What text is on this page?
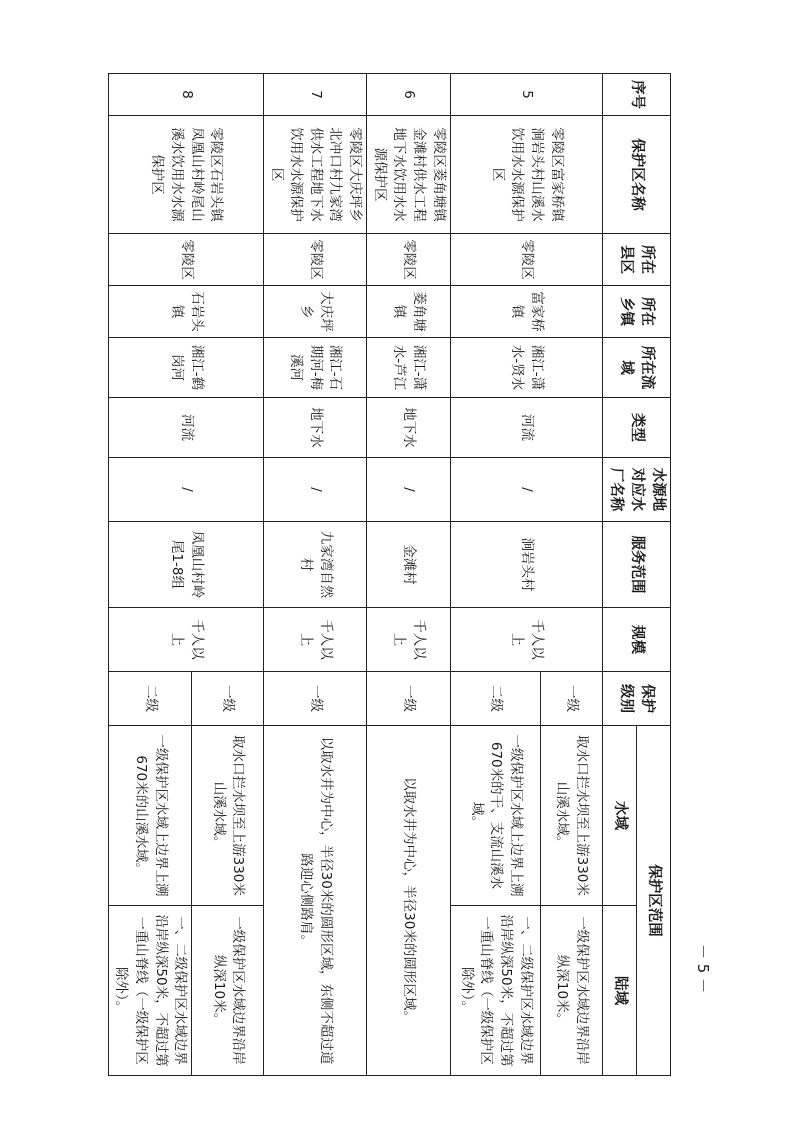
序号	保护区名称	所在县区	所在乡镇	所在流域	类型	水源地对应水厂名称	服务范围	规模	保护级别	保护区范围	
										水域	陆域
5	零陵区富家桥镇涧岩头村山溪水饮用水水源保护区	零陵区	富家桥镇	湘江-潇水-贤水	河流	/	涧岩头村	千人以上	一级	取水口拦水坝至上游330米山溪水域。	一级保护区水域边界沿岸纵深10米。
									二级	一级保护区水域上边界上溯670米的干、支流山溪水域。	一、二级保护区水域边界沿岸纵深50米，不超过第一重山脊线（一级保护区除外）。
6	零陵区菱角塘镇金滩村供水工程地下水饮用水水源保护区	零陵区	菱角塘镇	湘江-潇水-芦江	地下水	/	金滩村	千人以上	一级	以取水井为中心，半径30米的圆形区域。	
7	零陵区大庆坪乡北冲口村九家湾供水工程地下水饮用水水源保护区	零陵区	大庆坪乡	湘江-石期河-梅溪河	地下水	/	九家湾自然村	千人以上	一级	以取水井为中心，半径30米的圆形区域，东侧不超过道路迎心侧路肩。	
8	零陵区石岩头镇凤凰山村岭尾山溪水饮用水水源保护区	零陵区	石岩头镇	湘江-鹤岗河	河流	/	凤凰山村岭尾1-8组	千人以上	一级	取水口拦水坝至上游330米山溪水域。	一级保护区水域边界沿岸纵深10米。
									二级	一级保护区水域上边界上溯670米的山溪水域。	一、二级保护区水域边界沿岸纵深50米，不超过第一重山脊线（一级保护区除外）。	－ 5 －
